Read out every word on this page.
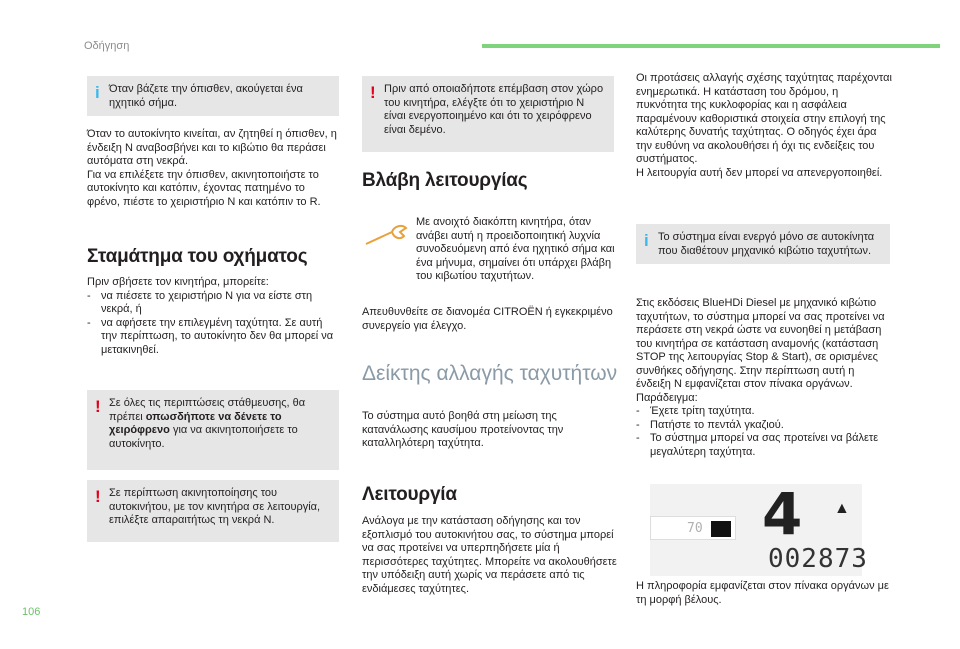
Οδήγηση
i Όταν βάζετε την όπισθεν, ακούγεται ένα ηχητικό σήμα.

Όταν το αυτοκίνητο κινείται, αν ζητηθεί η όπισθεν, η ένδειξη N αναβοσβήνει και το κιβώτιο θα περάσει αυτόματα στη νεκρά.

Για να επιλέξετε την όπισθεν, ακινητοποιήστε το αυτοκίνητο και κατόπιν, έχοντας πατημένο το φρένο, πιέστε το χειριστήριο N και κατόπιν το R.

Σταμάτημα του οχήματος

Πριν σβήσετε τον κινητήρα, μπορείτε:

- να πιέσετε το χειριστήριο N για να είστε στη νεκρά, ή
- να αφήσετε την επιλεγμένη ταχύτητα. Σε αυτή την περίπτωση, το αυτοκίνητο δεν θα μπορεί να μετακινηθεί.
! Σε όλες τις περιπτώσεις στάθμευσης, θα πρέπει οπωσδήποτε να δένετε το χειρόφρενο για να ακινητοποιήσετε το αυτοκίνητο.
! Σε περίπτωση ακινητοποίησης του αυτοκινήτου, με τον κινητήρα σε λειτουργία, επιλέξτε απαραιτήτως τη νεκρά N.
! Πριν από οποιαδήποτε επέμβαση στον χώρο του κινητήρα, ελέγξτε ότι το χειριστήριο N είναι ενεργοποιημένο και ότι το χειρόφρενο είναι δεμένο.
Βλάβη λειτουργίας

Με ανοιχτό διακόπτη κινητήρα, όταν ανάβει αυτή η προειδοποιητική λυχνία συνοδευόμενη από ένα ηχητικό σήμα και ένα μήνυμα, σημαίνει ότι υπάρχει βλάβη του κιβωτίου ταχυτήτων.

Απευθυνθείτε σε διανομέα CITROËN ή εγκεκριμένο συνεργείο για έλεγχο.

Δείκτης αλλαγής ταχυτήτων

Το σύστημα αυτό βοηθά στη μείωση της κατανάλωσης καυσίμου προτείνοντας την καταλληλότερη ταχύτητα.

Λειτουργία

Ανάλογα με την κατάσταση οδήγησης και τον εξοπλισμό του αυτοκινήτου σας, το σύστημα μπορεί να σας προτείνει να υπερπηδήσετε μία ή περισσότερες ταχύτητες. Μπορείτε να ακολουθήσετε την υπόδειξη αυτή χωρίς να περάσετε από τις ενδιάμεσες ταχύτητες.

Οι προτάσεις αλλαγής σχέσης ταχύτητας παρέχονται ενημερωτικά. Η κατάσταση του δρόμου, η πυκνότητα της κυκλοφορίας και η ασφάλεια παραμένουν καθοριστικά στοιχεία στην επιλογή της καλύτερης δυνατής ταχύτητας. Ο οδηγός έχει άρα την ευθύνη να ακολουθήσει ή όχι τις ενδείξεις του συστήματος.

Η λειτουργία αυτή δεν μπορεί να απενεργοποιηθεί.

i Το σύστημα είναι ενεργό μόνο σε αυτοκίνητα που διαθέτουν μηχανικό κιβώτιο ταχυτήτων.

Στις εκδόσεις BlueHDi Diesel με μηχανικό κιβώτιο ταχυτήτων, το σύστημα μπορεί να σας προτείνει να περάσετε στη νεκρά ώστε να ευνοηθεί η μετάβαση του κινητήρα σε κατάσταση αναμονής (κατάσταση STOP της λειτουργίας Stop & Start), σε ορισμένες συνθήκες οδήγησης. Στην περίπτωση αυτή η ένδειξη N εμφανίζεται στον πίνακα οργάνων.

Παράδειγμα:

- Έχετε τρίτη ταχύτητα.
- Πατήστε το πεντάλ γκαζιού.
- Το σύστημα μπορεί να σας προτείνει να βάλετε μεγαλύτερη ταχύτητα.
70 4 ▲
002873

Η πληροφορία εμφανίζεται στον πίνακα οργάνων με τη μορφή βέλους.

106
